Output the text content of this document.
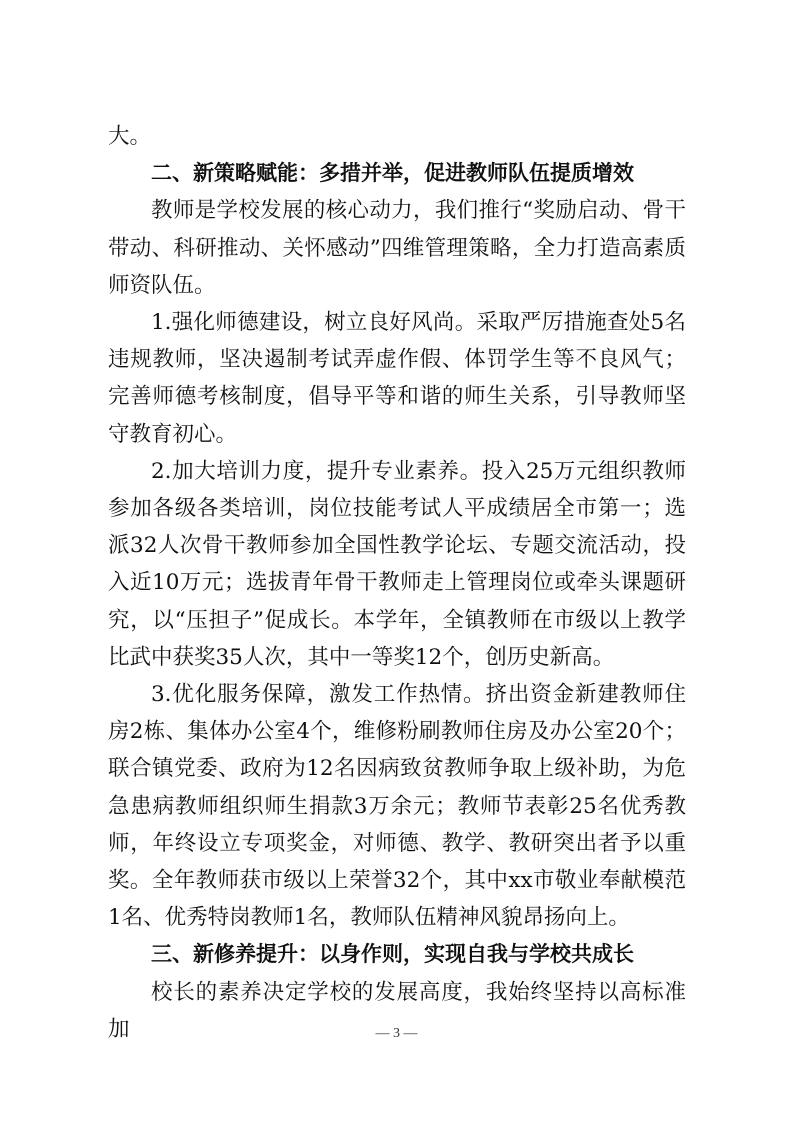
大。

二、新策略赋能：多措并举，促进教师队伍提质增效

教师是学校发展的核心动力，我们推行“奖励启动、骨干带动、科研推动、关怀感动”四维管理策略，全力打造高素质师资队伍。

1.强化师德建设，树立良好风尚。采取严厉措施查处5名违规教师，坚决遏制考试弄虚作假、体罚学生等不良风气；完善师德考核制度，倡导平等和谐的师生关系，引导教师坚守教育初心。

2.加大培训力度，提升专业素养。投入25万元组织教师参加各级各类培训，岗位技能考试人平成绩居全市第一；选派32人次骨干教师参加全国性教学论坛、专题交流活动，投入近10万元；选拔青年骨干教师走上管理岗位或牵头课题研究，以“压担子”促成长。本学年，全镇教师在市级以上教学比武中获奖35人次，其中一等奖12个，创历史新高。

3.优化服务保障，激发工作热情。挤出资金新建教师住房2栋、集体办公室4个，维修粉刷教师住房及办公室20个；联合镇党委、政府为12名因病致贫教师争取上级补助，为危急患病教师组织师生捐款3万余元；教师节表彰25名优秀教师，年终设立专项奖金，对师德、教学、教研突出者予以重奖。全年教师获市级以上荣誉32个，其中xx市敬业奉献模范1名、优秀特岗教师1名，教师队伍精神风貌昂扬向上。

三、新修养提升：以身作则，实现自我与学校共成长

校长的素养决定学校的发展高度，我始终坚持以高标准加	— 3 —
